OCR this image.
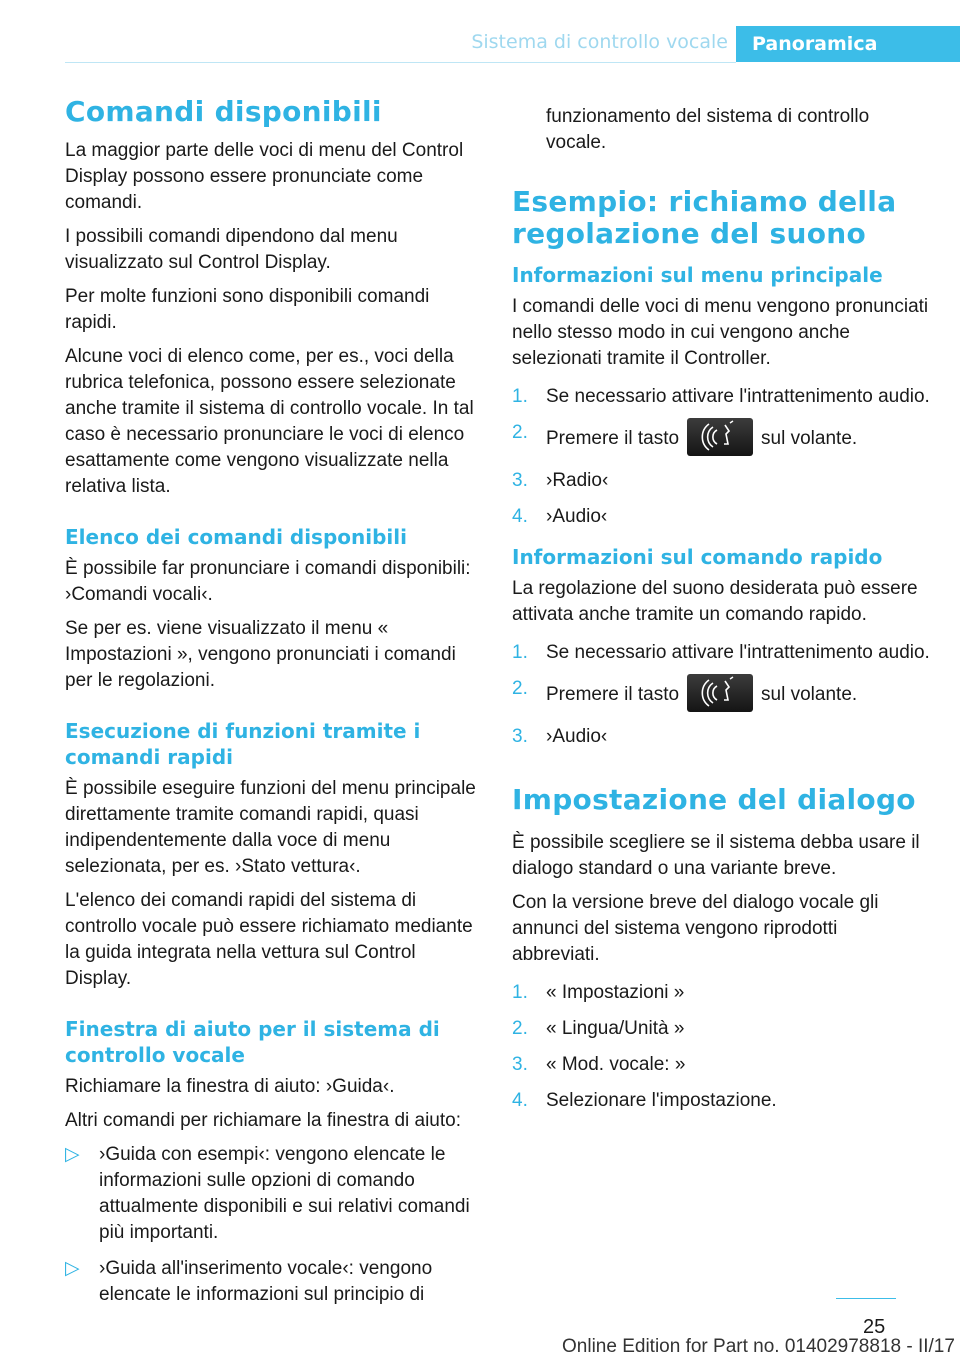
Sistema di controllo vocale	Panoramica
Comandi disponibili

La maggior parte delle voci di menu del Control Display possono essere pronunciate come comandi.

I possibili comandi dipendono dal menu visualizzato sul Control Display.

Per molte funzioni sono disponibili comandi rapidi.

Alcune voci di elenco come, per es., voci della rubrica telefonica, possono essere selezionate anche tramite il sistema di controllo vocale. In tal caso è necessario pronunciare le voci di elenco esattamente come vengono visualizzate nella relativa lista.

Elenco dei comandi disponibili

È possibile far pronunciare i comandi disponibili: ›Comandi vocali‹.

Se per es. viene visualizzato il menu « Impostazioni », vengono pronunciati i comandi per le regolazioni.

Esecuzione di funzioni tramite i comandi rapidi

È possibile eseguire funzioni del menu principale direttamente tramite comandi rapidi, quasi indipendentemente dalla voce di menu selezionata, per es. ›Stato vettura‹.

L'elenco dei comandi rapidi del sistema di controllo vocale può essere richiamato mediante la guida integrata nella vettura sul Control Display.

Finestra di aiuto per il sistema di controllo vocale

Richiamare la finestra di aiuto: ›Guida‹.

Altri comandi per richiamare la finestra di aiuto:

▷	›Guida con esempi‹: vengono elencate le informazioni sulle opzioni di comando attualmente disponibili e sui relativi comandi più importanti.
▷	›Guida all'inserimento vocale‹: vengono elencate le informazioni sul principio di

funzionamento del sistema di controllo vocale.

Esempio: richiamo della regolazione del suono
Informazioni sul menu principale

I comandi delle voci di menu vengono pronunciati nello stesso modo in cui vengono anche selezionati tramite il Controller.

1. Se necessario attivare l'intrattenimento audio.
2. Premere il tasto	sul volante.
3. ›Radio‹
4. ›Audio‹
Informazioni sul comando rapido

La regolazione del suono desiderata può essere attivata anche tramite un comando rapido.

1. Se necessario attivare l'intrattenimento audio.
2. Premere il tasto	sul volante.
3. ›Audio‹
Impostazione del dialogo

È possibile scegliere se il sistema debba usare il dialogo standard o una variante breve.

Con la versione breve del dialogo vocale gli annunci del sistema vengono riprodotti abbreviati.

1. « Impostazioni »
2. « Lingua/Unità »
3. « Mod. vocale: »
4. Selezionare l'impostazione.
25
Online Edition for Part no. 01402978818 - II/17
